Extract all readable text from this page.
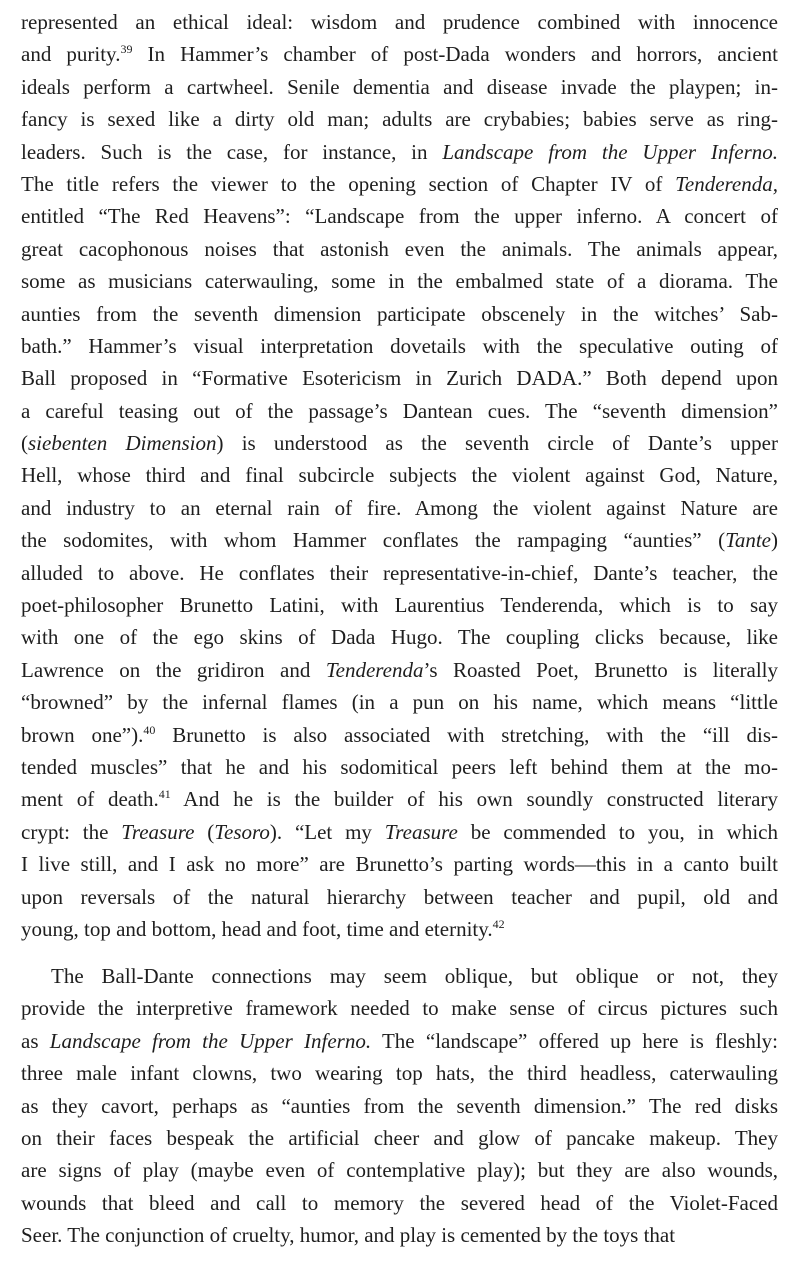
represented an ethical ideal: wisdom and prudence combined with innocence
and purity.$^{39}$ In Hammer’s chamber of post-Dada wonders and horrors, ancient
ideals perform a cartwheel. Senile dementia and disease invade the playpen; in-
fancy is sexed like a dirty old man; adults are crybabies; babies serve as ring-
leaders. Such is the case, for instance, in Landscape from the Upper Inferno.
The title refers the viewer to the opening section of Chapter IV of Tenderenda,
entitled “The Red Heavens”: “Landscape from the upper inferno. A concert of
great cacophonous noises that astonish even the animals. The animals appear,
some as musicians caterwauling, some in the embalmed state of a diorama. The
aunties from the seventh dimension participate obscenely in the witches’ Sab-
bath.” Hammer’s visual interpretation dovetails with the speculative outing of
Ball proposed in “Formative Esotericism in Zurich DADA.” Both depend upon
a careful teasing out of the passage’s Dantean cues. The “seventh dimension”
(siebenten Dimension) is understood as the seventh circle of Dante’s upper
Hell, whose third and final subcircle subjects the violent against God, Nature,
and industry to an eternal rain of fire. Among the violent against Nature are
the sodomites, with whom Hammer conflates the rampaging “aunties” (Tante)
alluded to above. He conflates their representative-in-chief, Dante’s teacher, the
poet-philosopher Brunetto Latini, with Laurentius Tenderenda, which is to say
with one of the ego skins of Dada Hugo. The coupling clicks because, like
Lawrence on the gridiron and Tenderenda’s Roasted Poet, Brunetto is literally
“browned” by the infernal flames (in a pun on his name, which means “little
brown one”).$^{40}$ Brunetto is also associated with stretching, with the “ill dis-
tended muscles” that he and his sodomitical peers left behind them at the mo-
ment of death.$^{41}$ And he is the builder of his own soundly constructed literary
crypt: the Treasure (Tesoro). “Let my Treasure be commended to you, in which
I live still, and I ask no more” are Brunetto’s parting words—this in a canto built
upon reversals of the natural hierarchy between teacher and pupil, old and
young, top and bottom, head and foot, time and eternity.$^{42}$
The Ball-Dante connections may seem oblique, but oblique or not, they
provide the interpretive framework needed to make sense of circus pictures such
as Landscape from the Upper Inferno. The “landscape” offered up here is fleshly:
three male infant clowns, two wearing top hats, the third headless, caterwauling
as they cavort, perhaps as “aunties from the seventh dimension.” The red disks
on their faces bespeak the artificial cheer and glow of pancake makeup. They
are signs of play (maybe even of contemplative play); but they are also wounds,
wounds that bleed and call to memory the severed head of the Violet-Faced
Seer. The conjunction of cruelty, humor, and play is cemented by the toys that
